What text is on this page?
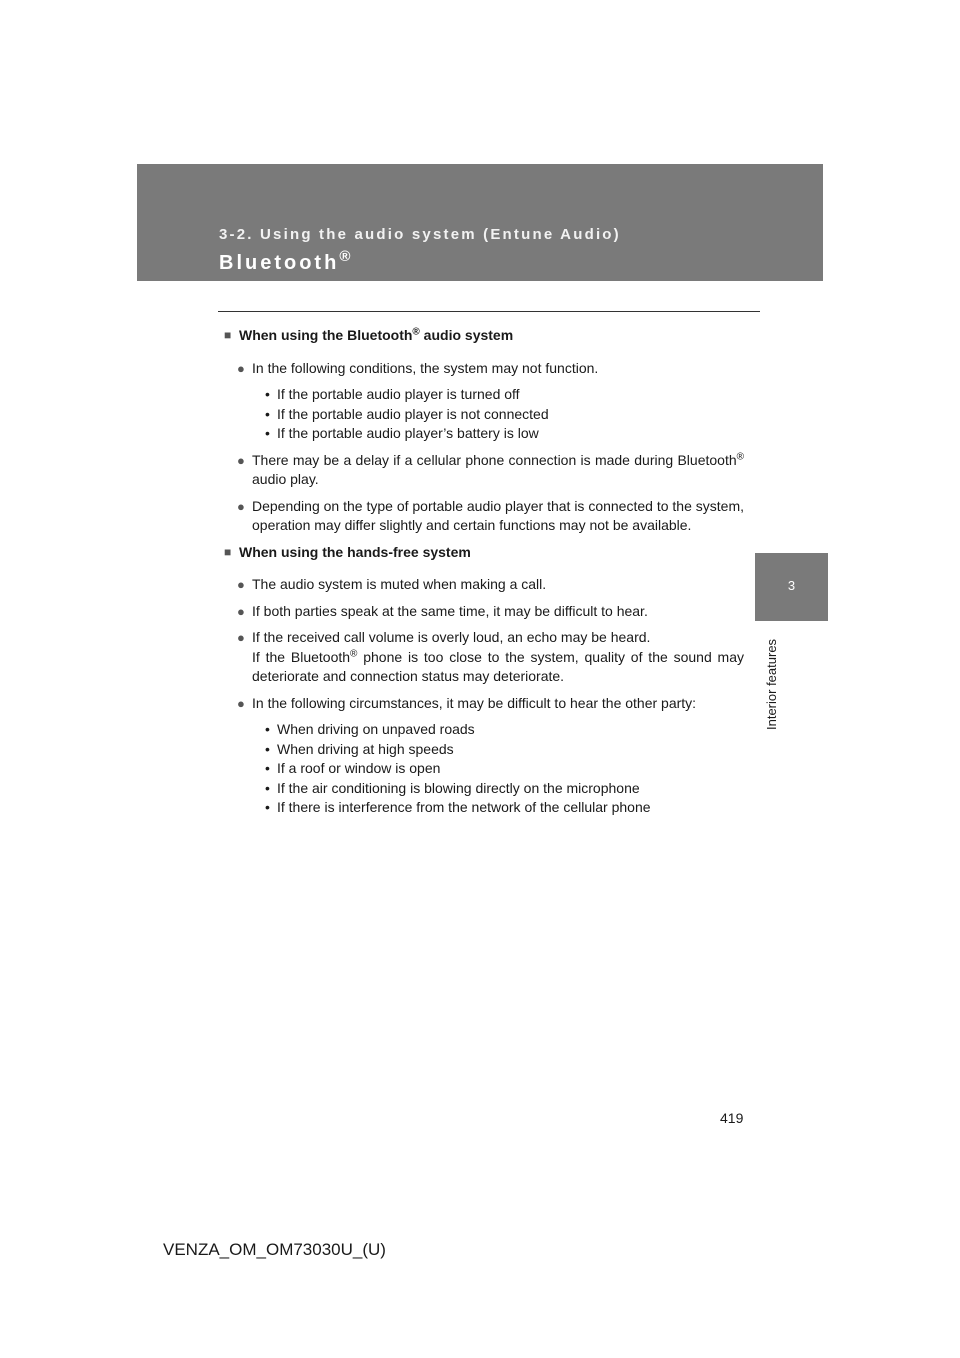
3-2. Using the audio system (Entune Audio)
Bluetooth®
3
Interior features
■ When using the Bluetooth® audio system
● In the following conditions, the system may not function.
• If the portable audio player is turned off
• If the portable audio player is not connected
• If the portable audio player’s battery is low
● There may be a delay if a cellular phone connection is made during Bluetooth® audio play.
● Depending on the type of portable audio player that is connected to the system, operation may differ slightly and certain functions may not be available.
■ When using the hands-free system
● The audio system is muted when making a call.
● If both parties speak at the same time, it may be difficult to hear.
● If the received call volume is overly loud, an echo may be heard.
If the Bluetooth® phone is too close to the system, quality of the sound may deteriorate and connection status may deteriorate.
● In the following circumstances, it may be difficult to hear the other party:
• When driving on unpaved roads
• When driving at high speeds
• If a roof or window is open
• If the air conditioning is blowing directly on the microphone
• If there is interference from the network of the cellular phone
419
VENZA_OM_OM73030U_(U)
